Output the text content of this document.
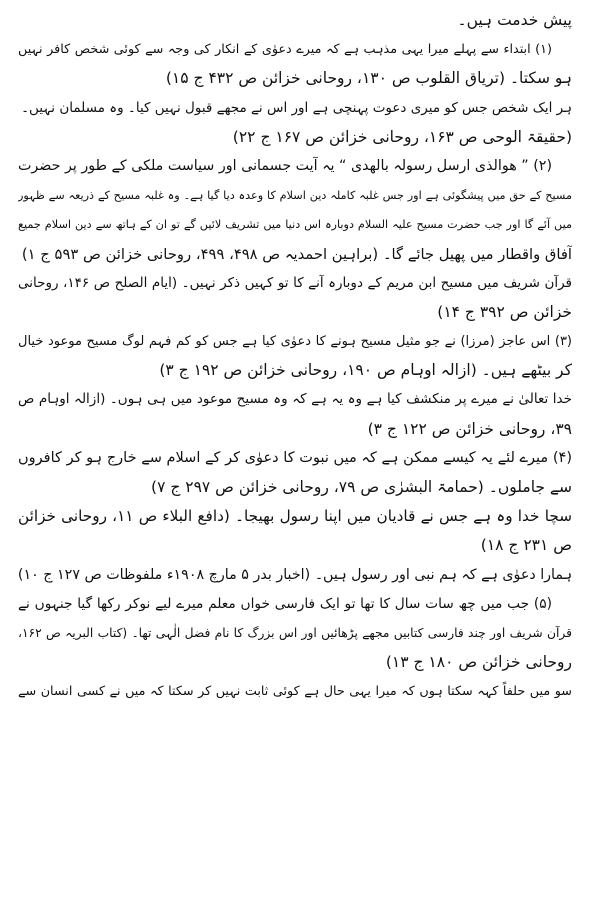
پیش خدمت ہیں۔
(۱) ابتداء سے پہلے میرا یہی مذہب ہے کہ میرے دعوٰی کے انکار کی وجہ سے کوئی شخص کافر نہیں
ہو سکتا۔ (تریاق القلوب ص ۱۳۰، روحانی خزائن ص ۴۳۲ ج ۱۵)
ہر ایک شخص جس کو میری دعوت پہنچی ہے اور اس نے مجھے قبول نہیں کیا۔ وہ مسلمان نہیں۔
(حقیقۃ الوحی ص ۱۶۳، روحانی خزائن ص ۱۶۷ ج ۲۲)
(۲) ” ھوالذی ارسل رسولہ بالھدی “ یہ آیت جسمانی اور سیاست ملکی کے طور پر حضرت
مسیح کے حق میں پیشگوئی ہے اور جس غلبہ کاملہ دین اسلام کا وعدہ دیا گیا ہے۔ وہ غلبہ مسیح کے ذریعہ سے ظہور
میں آئے گا اور جب حضرت مسیح علیہ السلام دوبارہ اس دنیا میں تشریف لائیں گے تو ان کے ہاتھ سے دین اسلام جمیع
آفاق واقطار میں پھیل جائے گا۔ (براہین احمدیہ ص ۴۹۸، ۴۹۹، روحانی خزائن ص ۵۹۳ ج ۱)
قرآن شریف میں مسیح ابن مریم کے دوبارہ آنے کا تو کہیں ذکر نہیں۔ (ایام الصلح ص ۱۴۶، روحانی
خزائن ص ۳۹۲ ج ۱۴)
(۳) اس عاجز (مرزا) نے جو مثیل مسیح ہونے کا دعوٰی کیا ہے جس کو کم فہم لوگ مسیح موعود خیال
کر بیٹھے ہیں۔ (ازالہ اوہام ص ۱۹۰، روحانی خزائن ص ۱۹۲ ج ۳)
خدا تعالیٰ نے میرے پر منکشف کیا ہے وہ یہ ہے کہ وہ مسیح موعود میں ہی ہوں۔ (ازالہ اوہام ص
۳۹، روحانی خزائن ص ۱۲۲ ج ۳)
(۴) میرے لئے یہ کیسے ممکن ہے کہ میں نبوت کا دعوٰی کر کے اسلام سے خارج ہو کر کافروں
سے جاملوں۔ (حمامۃ البشرٰی ص ۷۹، روحانی خزائن ص ۲۹۷ ج ۷)
سچا خدا وہ ہے جس نے قادیان میں اپنا رسول بھیجا۔ (دافع البلاء ص ۱۱، روحانی خزائن
ص ۲۳۱ ج ۱۸)
ہمارا دعوٰی ہے کہ ہم نبی اور رسول ہیں۔ (اخبار بدر ۵ مارچ ۱۹۰۸ء ملفوظات ص ۱۲۷ ج ۱۰)
(۵) جب میں چھ سات سال کا تھا تو ایک فارسی خواں معلم میرے لیے نوکر رکھا گیا جنہوں نے
قرآن شریف اور چند فارسی کتابیں مجھے پڑھائیں اور اس بزرگ کا نام فضل الٰہی تھا۔ (کتاب البریہ ص ۱۶۲،
روحانی خزائن ص ۱۸۰ ج ۱۳)
سو میں حلفاً کہہ سکتا ہوں کہ میرا یہی حال ہے کوئی ثابت نہیں کر سکتا کہ میں نے کسی انسان سے
